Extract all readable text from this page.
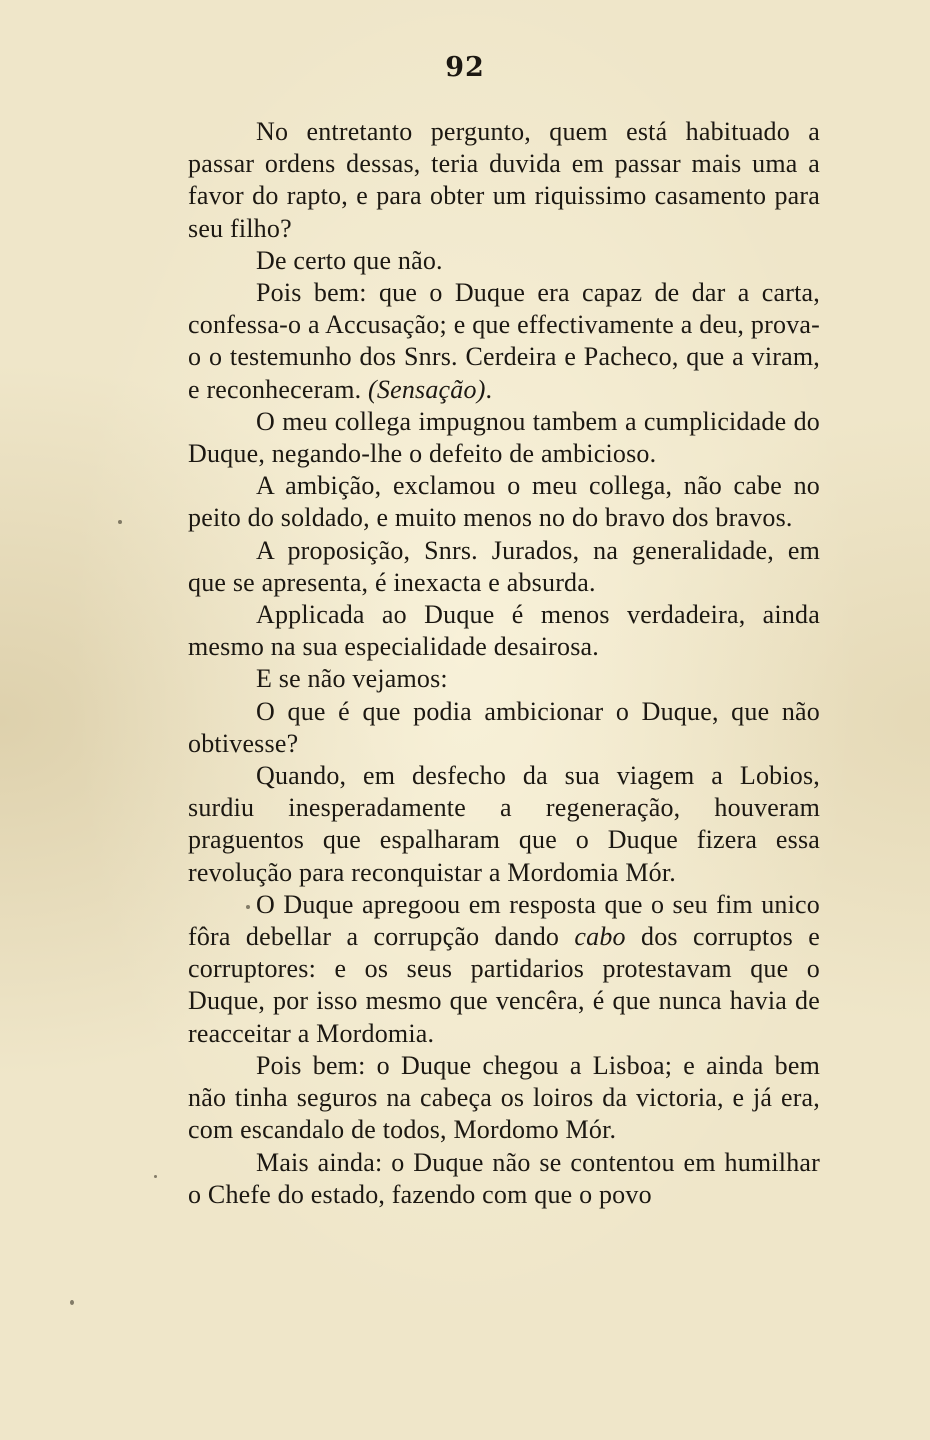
92

No entretanto pergunto, quem está habituado a passar ordens dessas, teria duvida em passar mais uma a favor do rapto, e para obter um riquissimo casamento para seu filho?

De certo que não.

Pois bem: que o Duque era capaz de dar a carta, confessa-o a Accusação; e que effectivamente a deu, prova-o o testemunho dos Snrs. Cerdeira e Pacheco, que a viram, e reconheceram. (Sensação).

O meu collega impugnou tambem a cumplicidade do Duque, negando-lhe o defeito de ambicioso.

A ambição, exclamou o meu collega, não cabe no peito do soldado, e muito menos no do bravo dos bravos.

A proposição, Snrs. Jurados, na generalidade, em que se apresenta, é inexacta e absurda.

Applicada ao Duque é menos verdadeira, ainda mesmo na sua especialidade desairosa.

E se não vejamos:

O que é que podia ambicionar o Duque, que não obtivesse?

Quando, em desfecho da sua viagem a Lobios, surdiu inesperadamente a regeneração, houveram praguentos que espalharam que o Duque fizera essa revolução para reconquistar a Mordomia Mór.

O Duque apregoou em resposta que o seu fim unico fôra debellar a corrupção dando cabo dos corruptos e corruptores: e os seus partidarios protestavam que o Duque, por isso mesmo que vencêra, é que nunca havia de reacceitar a Mordomia.

Pois bem: o Duque chegou a Lisboa; e ainda bem não tinha seguros na cabeça os loiros da victoria, e já era, com escandalo de todos, Mordomo Mór.

Mais ainda: o Duque não se contentou em humilhar o Chefe do estado, fazendo com que o povo
